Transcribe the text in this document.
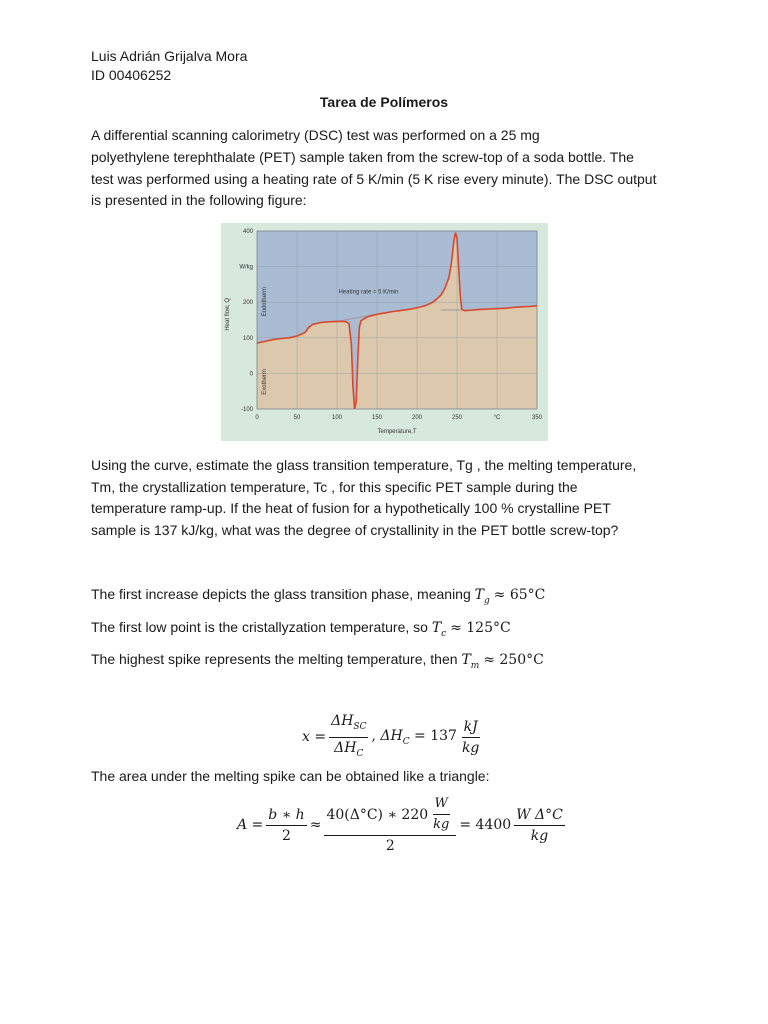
Luis Adrián Grijalva Mora
ID 00406252
Tarea de Polímeros
A differential scanning calorimetry (DSC) test was performed on a 25 mg
polyethylene terephthalate (PET) sample taken from the screw-top of a soda bottle. The
test was performed using a heating rate of 5 K/min (5 K rise every minute). The DSC output
is presented in the following figure:
400
W/kg
200
100
0
-100
0	50	100	150	200	250	°C	350
Heating rate = 5 K/min
Endotherm
Exotherm
Heat flow, Q
Temperature,T
Using the curve, estimate the glass transition temperature, Tg , the melting temperature,
Tm, the crystallization temperature, Tc , for this specific PET sample during the
temperature ramp-up. If the heat of fusion for a hypothetically 100 % crystalline PET
sample is 137 kJ/kg, what was the degree of crystallinity in the PET bottle screw-top?
The first increase depicts the glass transition phase, meaning $T_g \approx 65^\circ C$
The first low point is the cristallyzation temperature, so $T_c \approx 125^\circ C$
The highest spike represents the melting temperature, then $T_m \approx 250^\circ C$
$x = \frac{\Delta H_{SC}}{\Delta H_C}$ , $\Delta H_C = 137 \frac{kJ}{kg}$
The area under the melting spike can be obtained like a triangle:
$A = \frac{b ∗ h}{2} \approx \frac{40(\Delta^\circ C) ∗ 220 \frac{W}{kg}}{2} = 4400 \frac{\text{W Δ°C}}{kg}$
